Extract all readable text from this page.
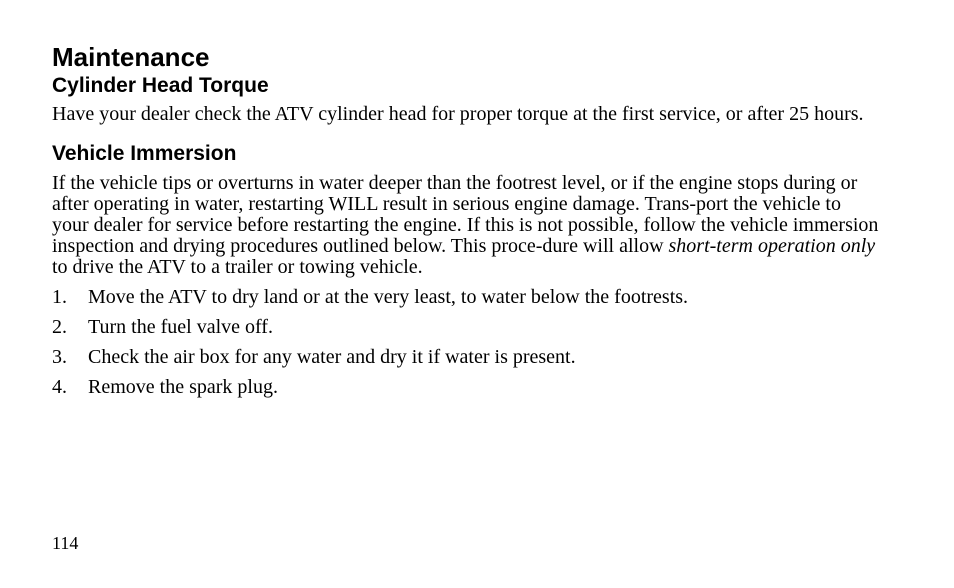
Maintenance
Cylinder Head Torque

Have your dealer check the ATV cylinder head for proper torque at the first service, or after 25 hours.

Vehicle Immersion

If the vehicle tips or overturns in water deeper than the footrest level, or if the engine stops during or after operating in water, restarting WILL result in serious engine damage. Trans-port the vehicle to your dealer for service before restarting the engine. If this is not possible, follow the vehicle immersion inspection and drying procedures outlined below. This proce-dure will allow short-term operation only to drive the ATV to a trailer or towing vehicle.

1.	Move the ATV to dry land or at the very least, to water below the footrests.
2.	Turn the fuel valve off.
3.	Check the air box for any water and dry it if water is present.
4.	Remove the spark plug.
114
